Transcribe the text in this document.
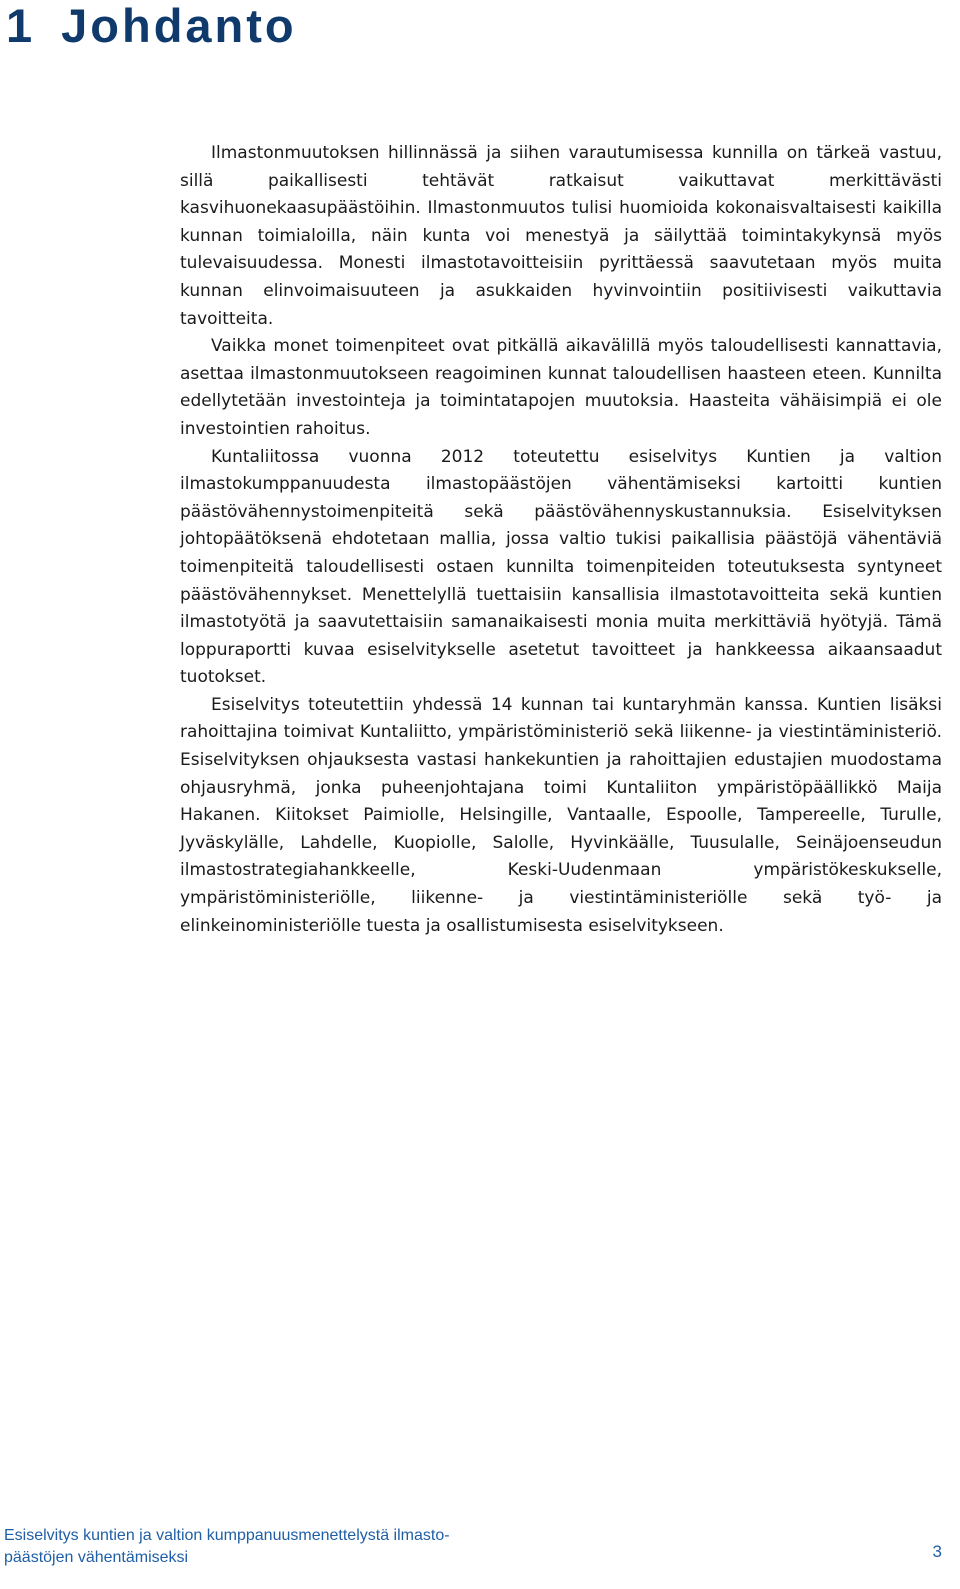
1 Johdanto

Ilmastonmuutoksen hillinnässä ja siihen varautumisessa kunnilla on tärkeä vastuu, sillä paikallisesti tehtävät ratkaisut vaikuttavat merkittävästi kasvihuonekaasupäästöihin. Ilmastonmuutos tulisi huomioida kokonaisvaltaisesti kaikilla kunnan toimialoilla, näin kunta voi menestyä ja säilyttää toimintakykynsä myös tulevaisuudessa. Monesti ilmastotavoitteisiin pyrittäessä saavutetaan myös muita kunnan elinvoimaisuuteen ja asukkaiden hyvinvointiin positiivisesti vaikuttavia tavoitteita.

Vaikka monet toimenpiteet ovat pitkällä aikavälillä myös taloudellisesti kannattavia, asettaa ilmastonmuutokseen reagoiminen kunnat taloudellisen haasteen eteen. Kunnilta edellytetään investointeja ja toimintatapojen muutoksia. Haasteita vähäisimpiä ei ole investointien rahoitus.

Kuntaliitossa vuonna 2012 toteutettu esiselvitys Kuntien ja valtion ilmastokumppanuudesta ilmastopäästöjen vähentämiseksi kartoitti kuntien päästövähennystoimenpiteitä sekä päästövähennyskustannuksia. Esiselvityksen johtopäätöksenä ehdotetaan mallia, jossa valtio tukisi paikallisia päästöjä vähentäviä toimenpiteitä taloudellisesti ostaen kunnilta toimenpiteiden toteutuksesta syntyneet päästövähennykset. Menettelyllä tuettaisiin kansallisia ilmastotavoitteita sekä kuntien ilmastotyötä ja saavutettaisiin samanaikaisesti monia muita merkittäviä hyötyjä. Tämä loppuraportti kuvaa esiselvitykselle asetetut tavoitteet ja hankkeessa aikaansaadut tuotokset.

Esiselvitys toteutettiin yhdessä 14 kunnan tai kuntaryhmän kanssa. Kuntien lisäksi rahoittajina toimivat Kuntaliitto, ympäristöministeriö sekä liikenne- ja viestintäministeriö. Esiselvityksen ohjauksesta vastasi hankekuntien ja rahoittajien edustajien muodostama ohjausryhmä, jonka puheenjohtajana toimi Kuntaliiton ympäristöpäällikkö Maija Hakanen. Kiitokset Paimiolle, Helsingille, Vantaalle, Espoolle, Tampereelle, Turulle, Jyväskylälle, Lahdelle, Kuopiolle, Salolle, Hyvinkäälle, Tuusulalle, Seinäjoenseudun ilmastostrategiahankkeelle, Keski-Uudenmaan ympäristökeskukselle, ympäristöministeriölle, liikenne- ja viestintäministeriölle sekä työ- ja elinkeinoministeriölle tuesta ja osallistumisesta esiselvitykseen.

Esiselvitys kuntien ja valtion kumppanuusmenettelystä ilmasto-
päästöjen vähentämiseksi	3
